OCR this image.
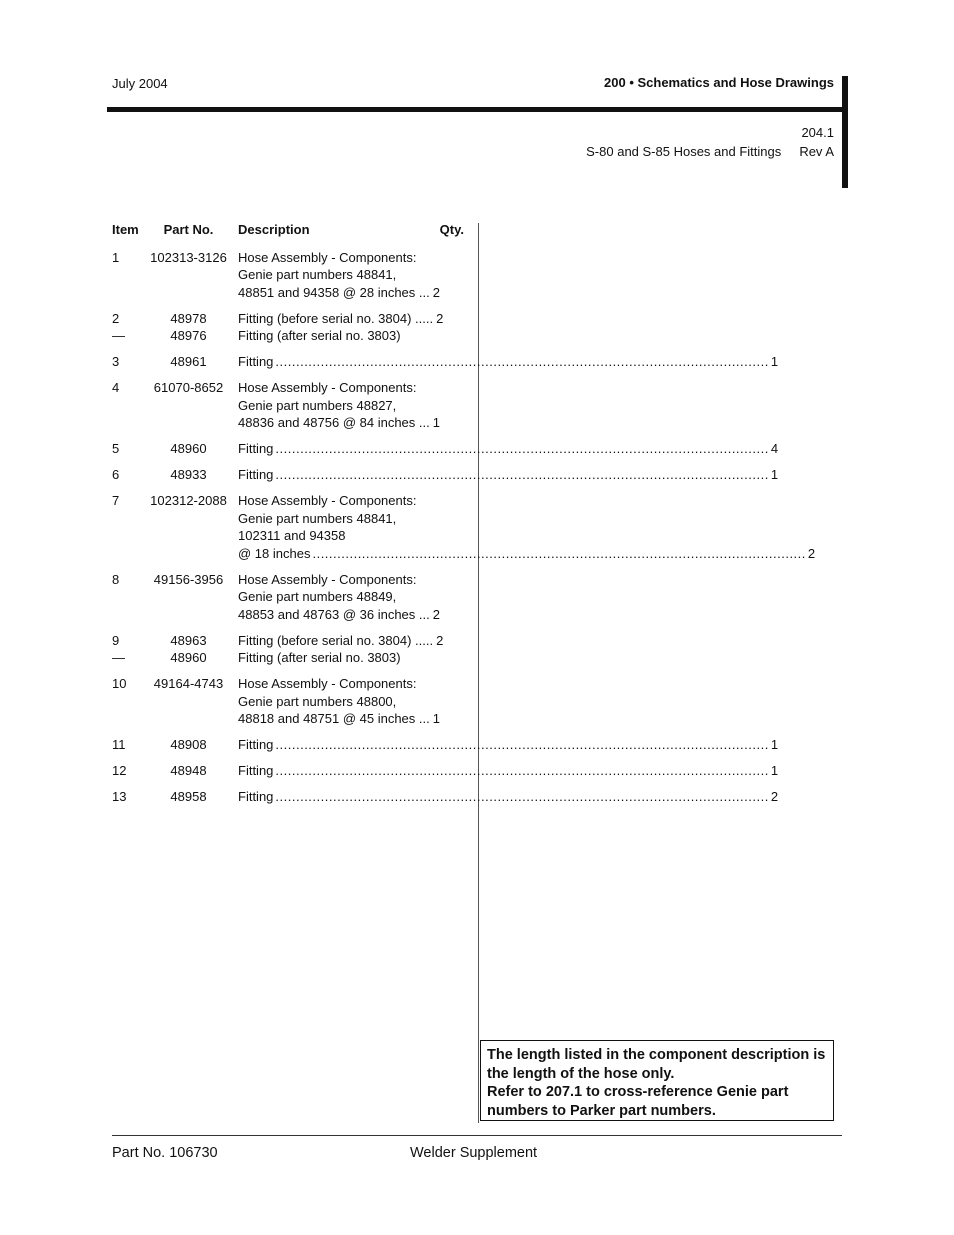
July 2004	200 • Schematics and Hose Drawings
204.1
S-80 and S-85 Hoses and Fittings Rev A
Item	Part No.	Description	Qty.
1	102313-3126 Hose Assembly - Components:
Genie part numbers 48841,
48851 and 94358 @ 28 inches ... 2
2	48978	Fitting (before serial no. 3804) ..... 2
—	48976	Fitting (after serial no. 3803)
3	48961	Fitting .....	1
4	61070-8652	Hose Assembly - Components:
Genie part numbers 48827,
48836 and 48756 @ 84 inches ... 1
5	48960	Fitting .....	4
6	48933	Fitting .....	1
7	102312-2088 Hose Assembly - Components:
Genie part numbers 48841,
102311 and 94358
@ 18 inches .....	2
8	49156-3956	Hose Assembly - Components:
Genie part numbers 48849,
48853 and 48763 @ 36 inches ... 2
9	48963	Fitting (before serial no. 3804) ..... 2
—	48960	Fitting (after serial no. 3803)
10	49164-4743	Hose Assembly - Components:
Genie part numbers 48800,
48818 and 48751 @ 45 inches ... 1
11	48908	Fitting .....	1
12	48948	Fitting .....	1
13	48958	Fitting .....	2
The length listed in the component description is the length of the hose only.
Refer to 207.1 to cross-reference Genie part numbers to Parker part numbers.
Part No. 106730	Welder Supplement
